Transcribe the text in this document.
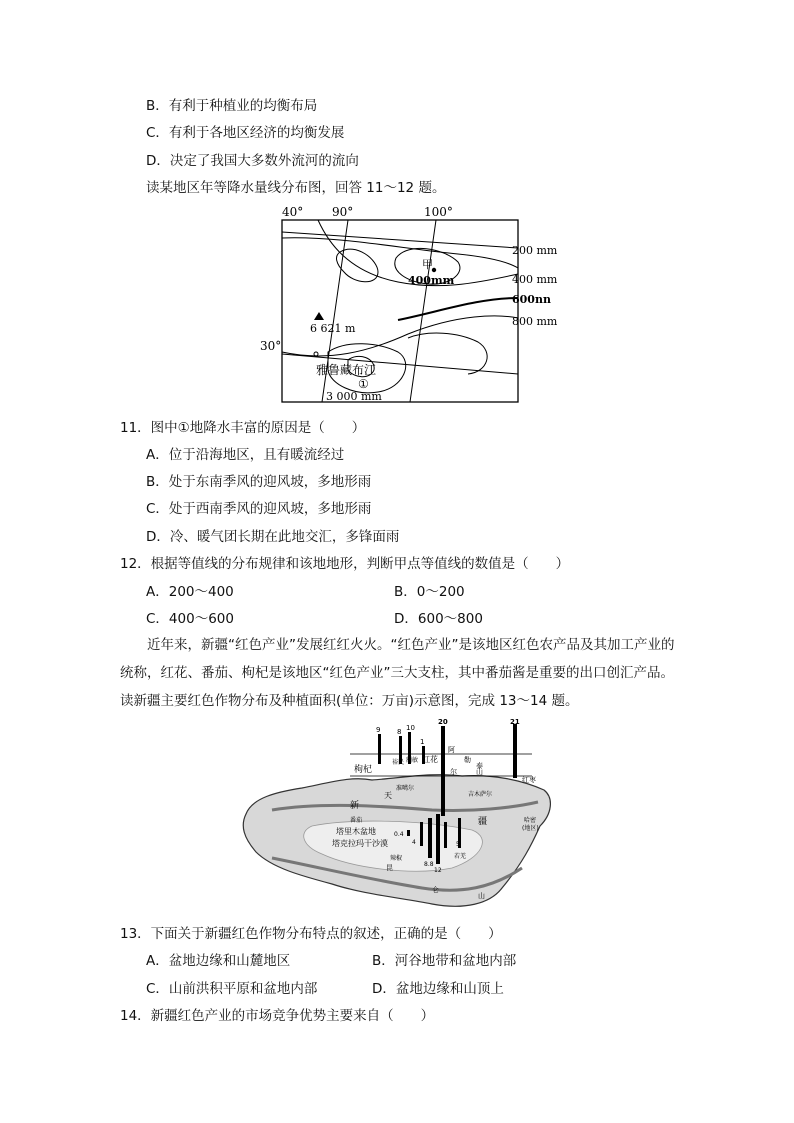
B．有利于种植业的均衡布局
C．有利于各地区经济的均衡发展
D．决定了我国大多数外流河的流向
读某地区年等降水量线分布图，回答 11～12 题。
40° 90°	100°
30°
200 mm
400 mm
600nn
800 mm
甲
400mm
6 621 m
雅鲁藏布江
①
3 000 mm
11．图中①地降水丰富的原因是（　　）
A．位于沿海地区，且有暖流经过
B．处于东南季风的迎风坡，多地形雨
C．处于西南季风的迎风坡，多地形雨
D．冷、暖气团长期在此地交汇，多锋面雨
12．根据等值线的分布规律和该地地形，判断甲点等值线的数值是（　　）
A．200～400	B．0～200
C．400～600	D．600～800
近年来，新疆“红色产业”发展红红火火。“红色产业”是该地区红色农产品及其加工产业的统称，红花、番茄、枸杞是该地区“红色产业”三大支柱，其中番茄酱是重要的出口创汇产品。读新疆主要红色作物分布及种植面积(单位：万亩)示意图，完成 13～14 题。
9 8 10
1
20	21
0.4
4
8.8
12
5
枸杞
裕民 额敏 红花
阿
勒
泰
尔	山
红枣
准噶尔
天	吉木萨尔
新
疆
番茄
塔里木盆地
塔克拉玛干沙漠
若羌
辣椒
哈密
(地区)
昆
仑
山
13．下面关于新疆红色作物分布特点的叙述，正确的是（　　）
A．盆地边缘和山麓地区	B．河谷地带和盆地内部
C．山前洪积平原和盆地内部	D．盆地边缘和山顶上
14．新疆红色产业的市场竞争优势主要来自（　　）
